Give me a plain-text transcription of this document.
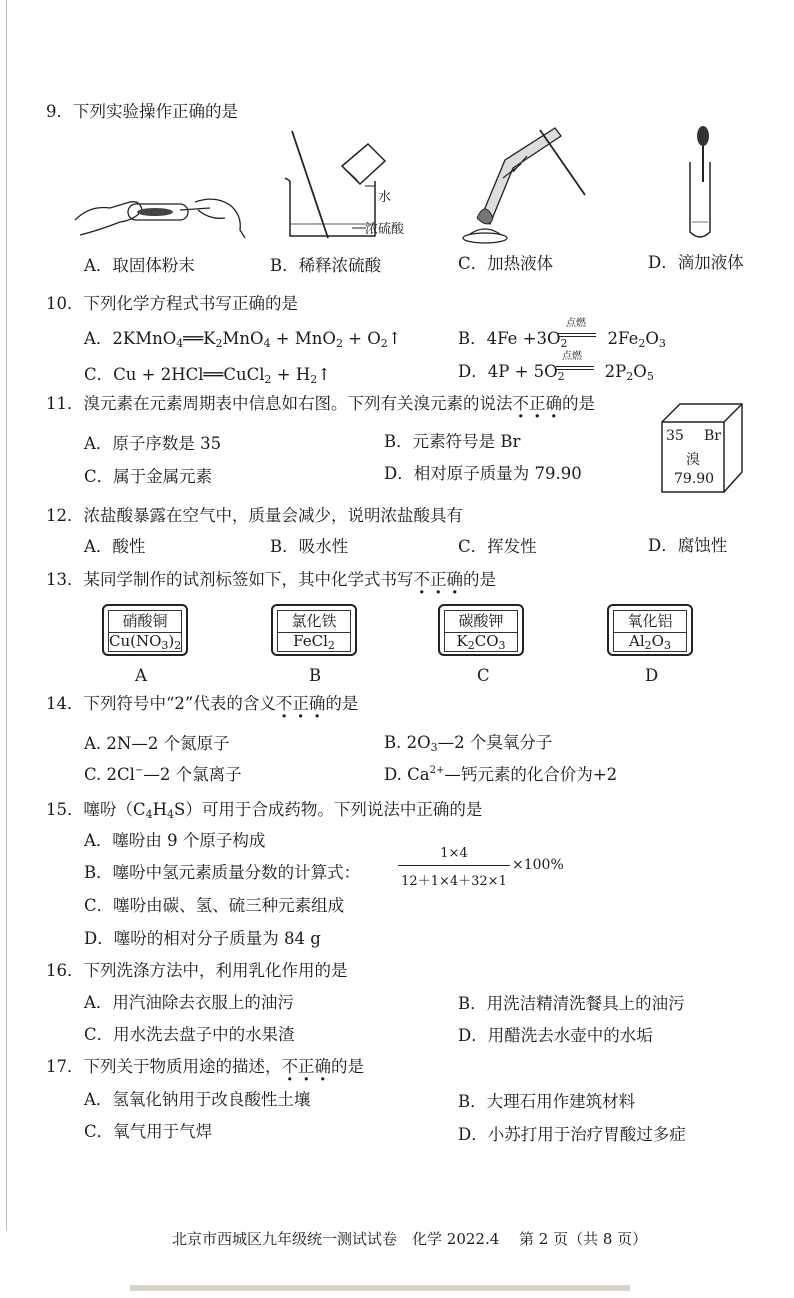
9．下列实验操作正确的是
水
浓硫酸
A．取固体粉末	B．稀释浓硫酸	C．加热液体	D．滴加液体
10．下列化学方程式书写正确的是
A．$2KMnO_4══K_2MnO_4 + MnO_2$ + $O_2↑$	B．$4Fe +3O_2$ $2Fe_2O_3$
点燃
C．Cu + 2HCl══CuCl$_2$ + $H_2↑$	D．$4P + 5O_2$ $2P_2O_5$
点燃
11．溴元素在元素周期表中信息如右图。下列有关溴元素的说法不正确的是
A．原子序数是 35	B．元素符号是 Br
C．属于金属元素	D．相对原子质量为 79.90
35 Br
溴
79.90
12．浓盐酸暴露在空气中，质量会减少，说明浓盐酸具有
A．酸性	B．吸水性	C．挥发性	D．腐蚀性
13．某同学制作的试剂标签如下，其中化学式书写不正确的是
硝酸铜
$Cu(NO_3)_2$
氯化铁
FeCl$_2$
碳酸钾
$K_2CO_3$
氧化铝
$Al_2O_3$
A	B	C	D
14．下列符号中“2”代表的含义不正确的是
A. 2N—2 个氮原子	B. $2O_3—2$ 个臭氧分子
C. 2Cl−—2 个氯离子	D. $Ca^{2+}—$钙元素的化合价为+2
15．噻吩$(C_4H_4S)$可用于合成药物。下列说法中正确的是
A．噻吩由 9 个原子构成
B．噻吩中氢元素质量分数的计算式：
1×4
12＋1×4＋32×1
×100%
C．噻吩由碳、氢、硫三种元素组成
D．噻吩的相对分子质量为 84 g
16．下列洗涤方法中，利用乳化作用的是
A．用汽油除去衣服上的油污	B．用洗洁精清洗餐具上的油污
C．用水洗去盘子中的水果渣	D．用醋洗去水壶中的水垢
17．下列关于物质用途的描述，不正确的是
A．氢氧化钠用于改良酸性土壤	B．大理石用作建筑材料
C．氧气用于气焊	D．小苏打用于治疗胃酸过多症
北京市西城区九年级统一测试试卷　化学 2022.4　 第 2 页（共 8 页）
